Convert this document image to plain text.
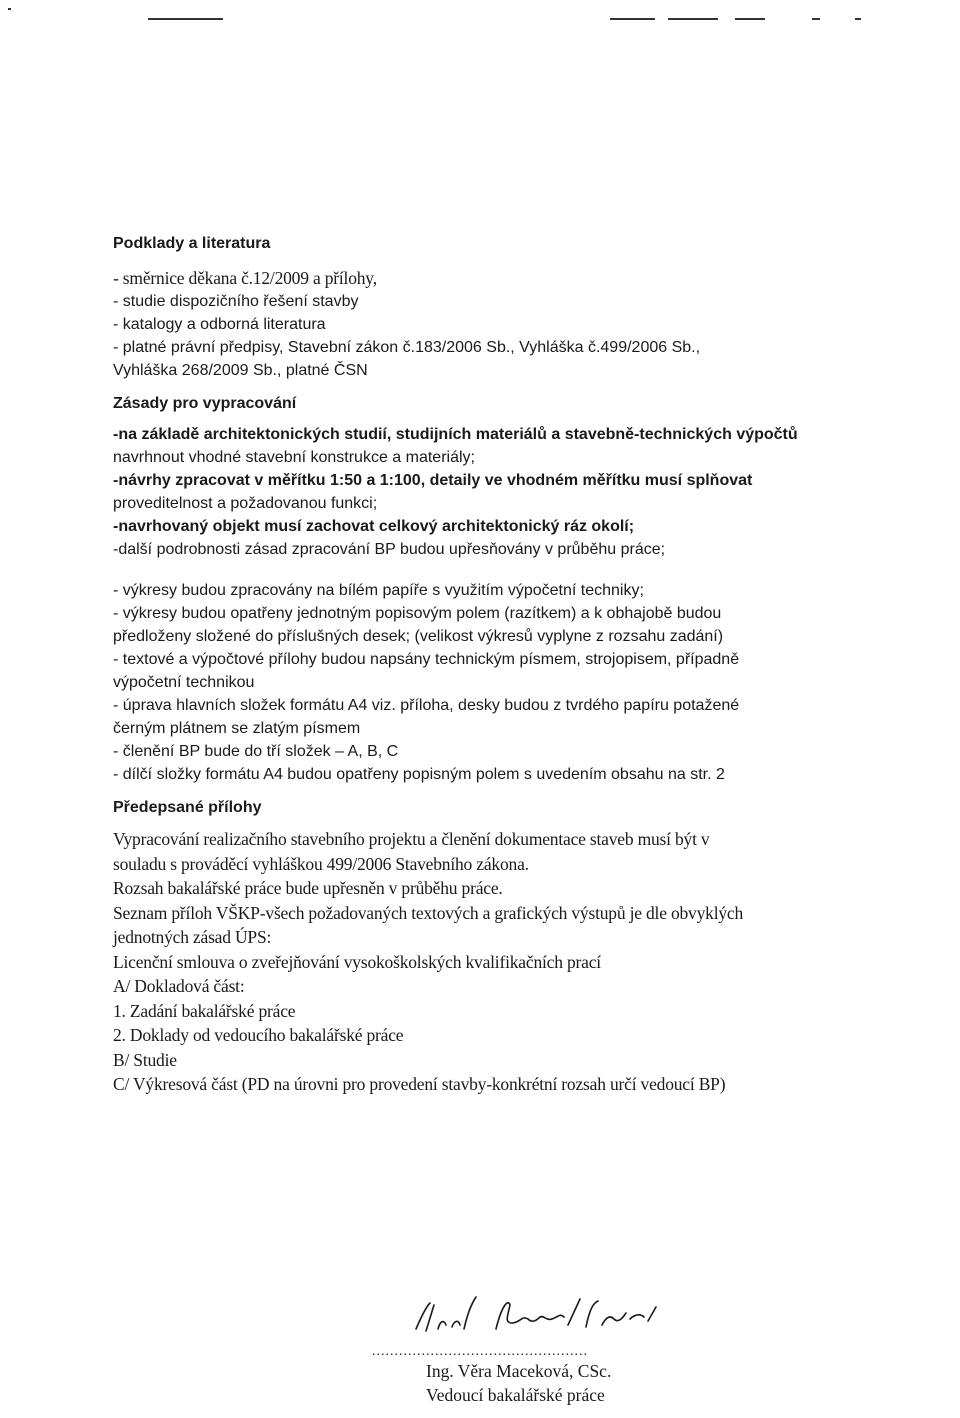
Podklady a literatura
- směrnice děkana č.12/2009 a přílohy,
- studie dispozičního řešení stavby
- katalogy a odborná literatura
- platné právní předpisy, Stavební zákon č.183/2006 Sb., Vyhláška č.499/2006 Sb.,
Vyhláška 268/2009 Sb., platné ČSN
Zásady pro vypracování
-na základě architektonických studií, studijních materiálů a stavebně-technických výpočtů
navrhnout vhodné stavební konstrukce a materiály;
-návrhy zpracovat v měřítku 1:50 a 1:100, detaily ve vhodném měřítku musí splňovat
proveditelnost a požadovanou funkci;
-navrhovaný objekt musí zachovat celkový architektonický ráz okolí;
-další podrobnosti zásad zpracování BP budou upřesňovány v průběhu práce;
- výkresy budou zpracovány na bílém papíře s využitím výpočetní techniky;
- výkresy budou opatřeny jednotným popisovým polem (razítkem) a k obhajobě budou
předloženy složené do příslušných desek; (velikost výkresů vyplyne z rozsahu zadání)
- textové a výpočtové přílohy budou napsány technickým písmem, strojopisem, případně
výpočetní technikou
- úprava hlavních složek formátu A4 viz. příloha, desky budou z tvrdého papíru potažené
černým plátnem se zlatým písmem
- členění BP bude do tří složek – A, B, C
- dílčí složky formátu A4 budou opatřeny popisným polem s uvedením obsahu na str. 2
Předepsané přílohy
Vypracování realizačního stavebního projektu a členění dokumentace staveb musí být v
souladu s prováděcí vyhláškou 499/2006 Stavebního zákona.
Rozsah bakalářské práce bude upřesněn v průběhu práce.
Seznam příloh VŠKP-všech požadovaných textových a grafických výstupů je dle obvyklých
jednotných zásad ÚPS:
Licenční smlouva o zveřejňování vysokoškolských kvalifikačních prací
A/ Dokladová část:
1. Zadání bakalářské práce
2. Doklady od vedoucího bakalářské práce
B/ Studie
C/ Výkresová část (PD na úrovni pro provedení stavby-konkrétní rozsah určí vedoucí BP)
................................................
Ing. Věra Maceková, CSc.
Vedoucí bakalářské práce
